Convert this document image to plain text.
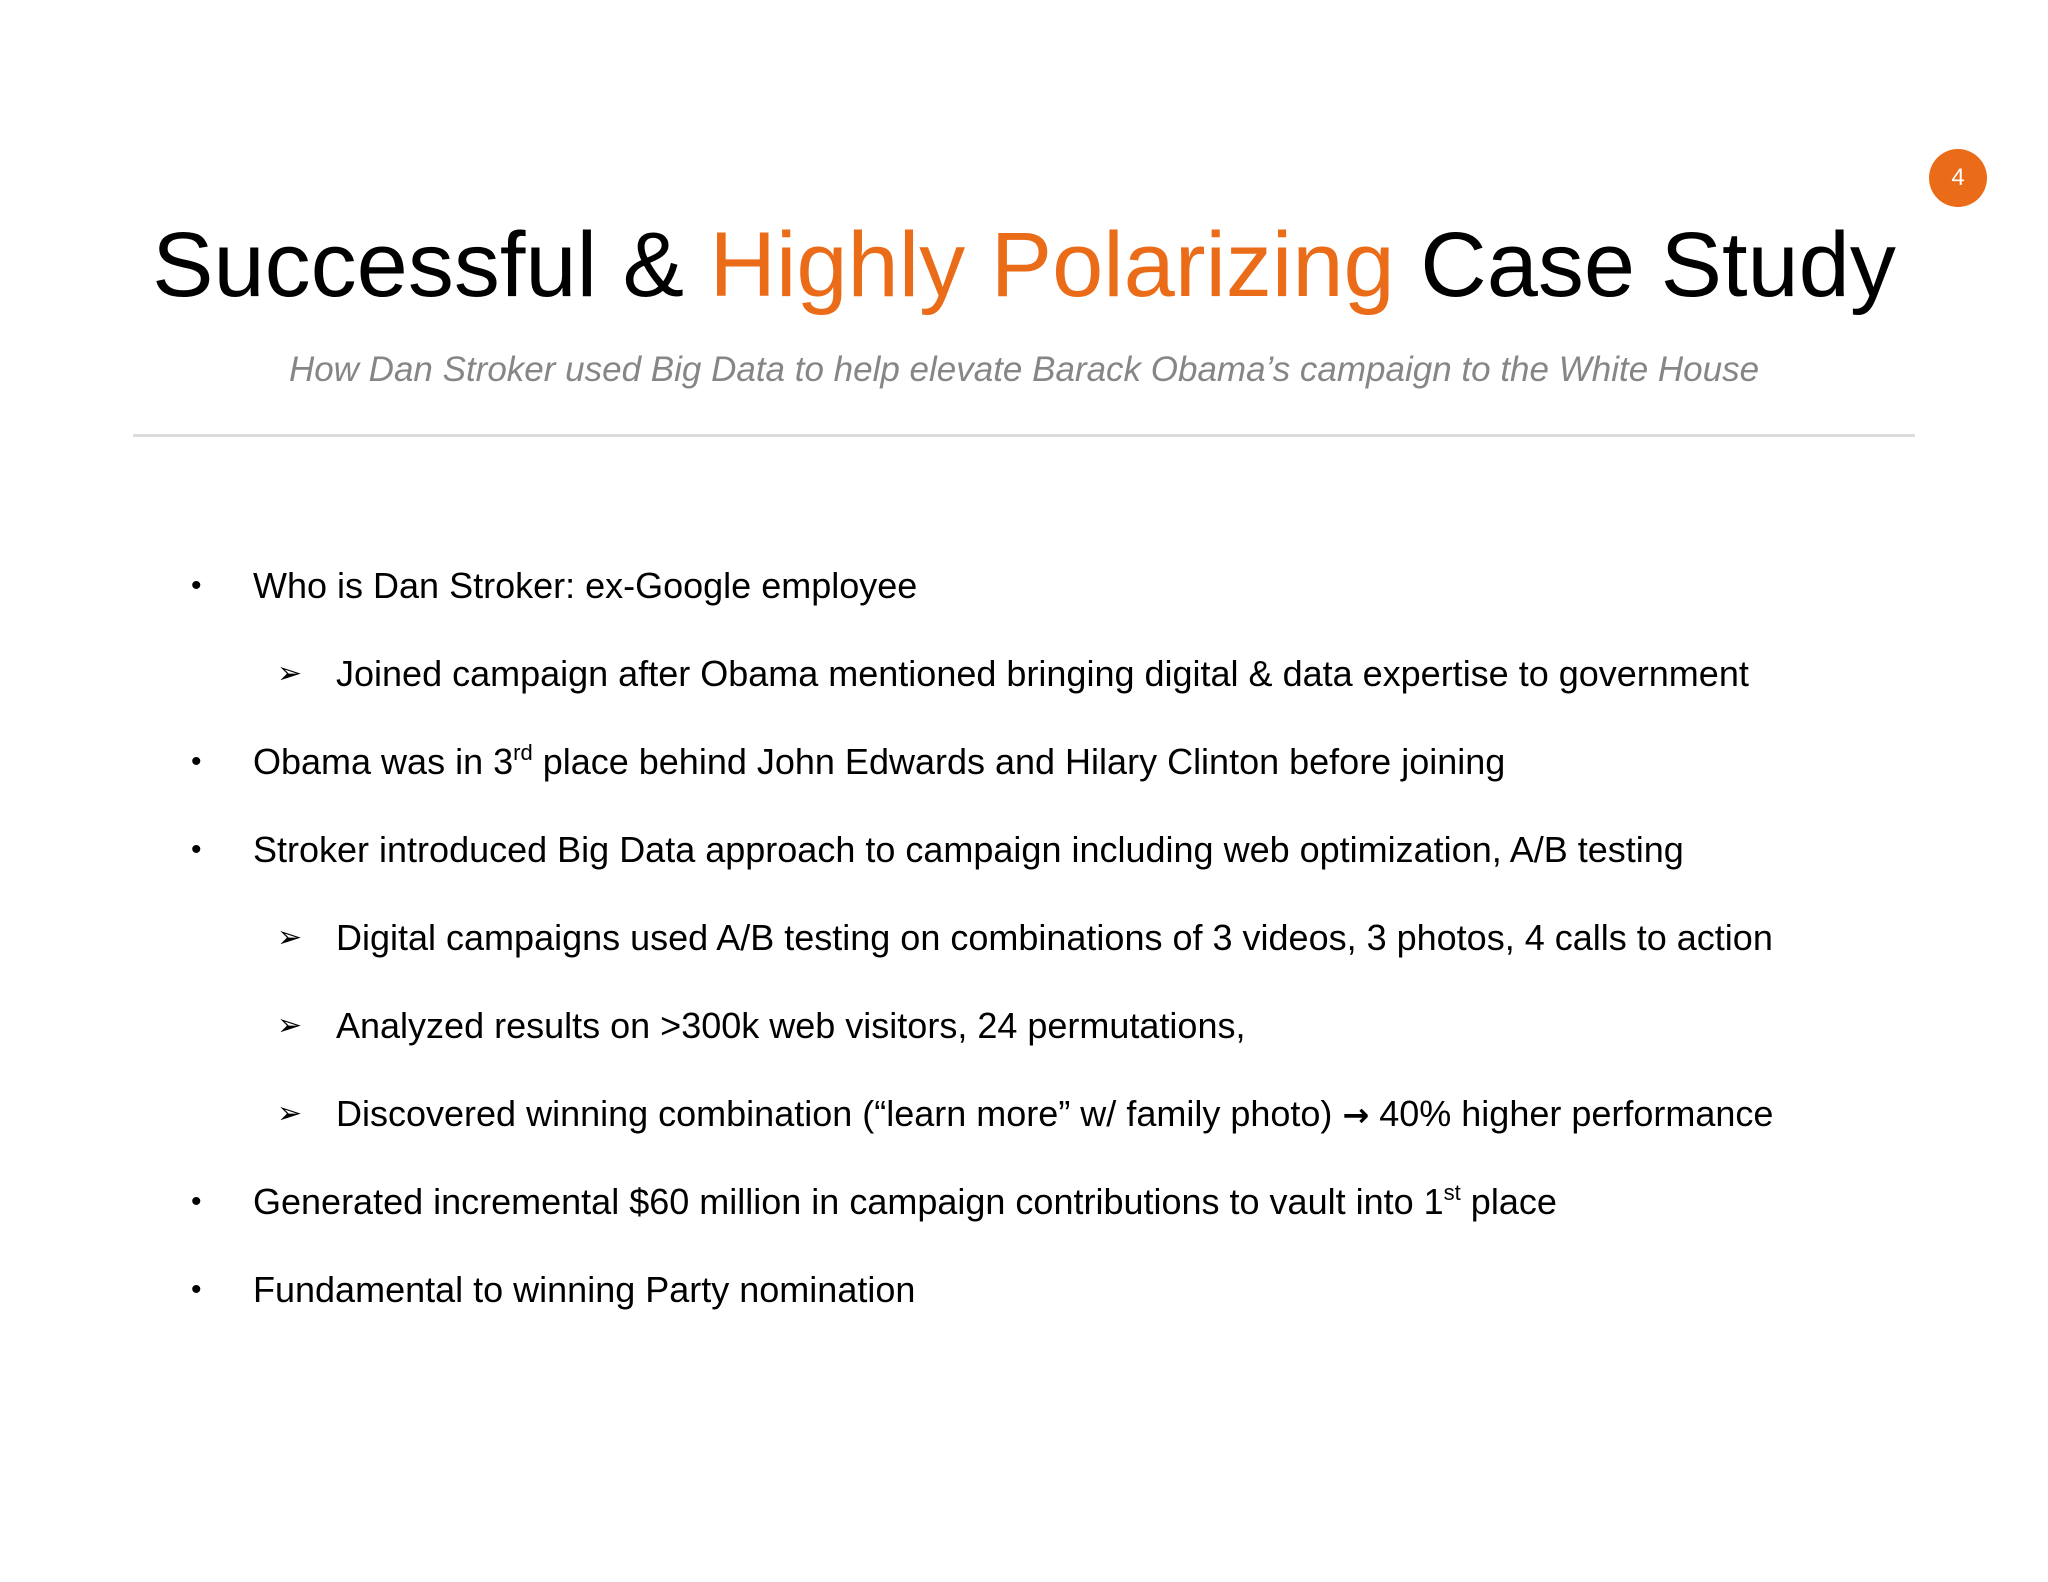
4
Successful & Highly Polarizing Case Study
How Dan Stroker used Big Data to help elevate Barack Obama’s campaign to the White House
• Who is Dan Stroker: ex-Google employee
➢ Joined campaign after Obama mentioned bringing digital & data expertise to government
• Obama was in 3rd place behind John Edwards and Hilary Clinton before joining
• Stroker introduced Big Data approach to campaign including web optimization, A/B testing
➢ Digital campaigns used A/B testing on combinations of 3 videos, 3 photos, 4 calls to action
➢ Analyzed results on >300k web visitors, 24 permutations,
➢ Discovered winning combination (“learn more” w/ family photo) → 40% higher performance
• Generated incremental $60 million in campaign contributions to vault into 1st place
• Fundamental to winning Party nomination
